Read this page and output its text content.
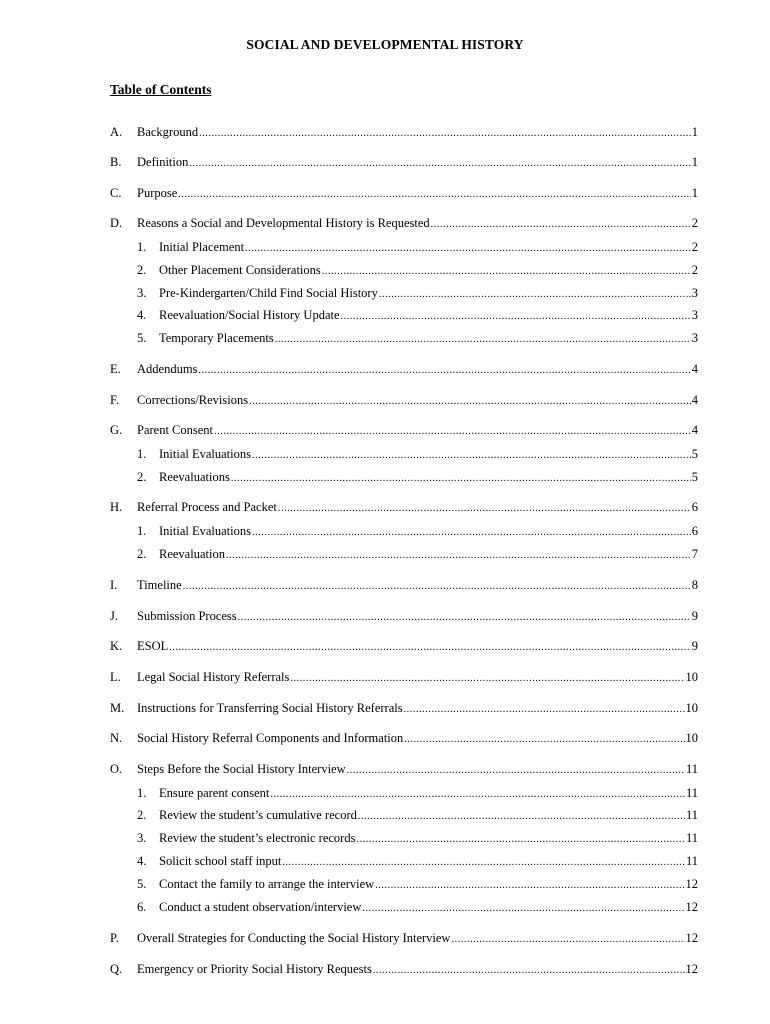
SOCIAL AND DEVELOPMENTAL HISTORY
Table of Contents
A.	Background .....	1
B.	Definition .....	1
C.	Purpose .....	1
D.	Reasons a Social and Developmental History is Requested .....	2
1.	Initial Placement .....	2
2.	Other Placement Considerations .....	2
3.	Pre-Kindergarten/Child Find Social History .....	3
4.	Reevaluation/Social History Update .....	3
5.	Temporary Placements .....	3
E.	Addendums .....	4
F.	Corrections/Revisions .....	4
G.	Parent Consent .....	4
1.	Initial Evaluations .....	5
2.	Reevaluations .....	5
H.	Referral Process and Packet .....	6
1.	Initial Evaluations .....	6
2.	Reevaluation .....	7
I.	Timeline .....	8
J.	Submission Process .....	9
K.	ESOL .....	9
L.	Legal Social History Referrals .....	10
M.	Instructions for Transferring Social History Referrals .....	10
N.	Social History Referral Components and Information .....	10
O.	Steps Before the Social History Interview .....	11
1.	Ensure parent consent .....	11
2.	Review the student’s cumulative record .....	11
3.	Review the student’s electronic records .....	11
4.	Solicit school staff input .....	11
5.	Contact the family to arrange the interview .....	12
6.	Conduct a student observation/interview .....	12
P.	Overall Strategies for Conducting the Social History Interview .....	12
Q.	Emergency or Priority Social History Requests .....	12
